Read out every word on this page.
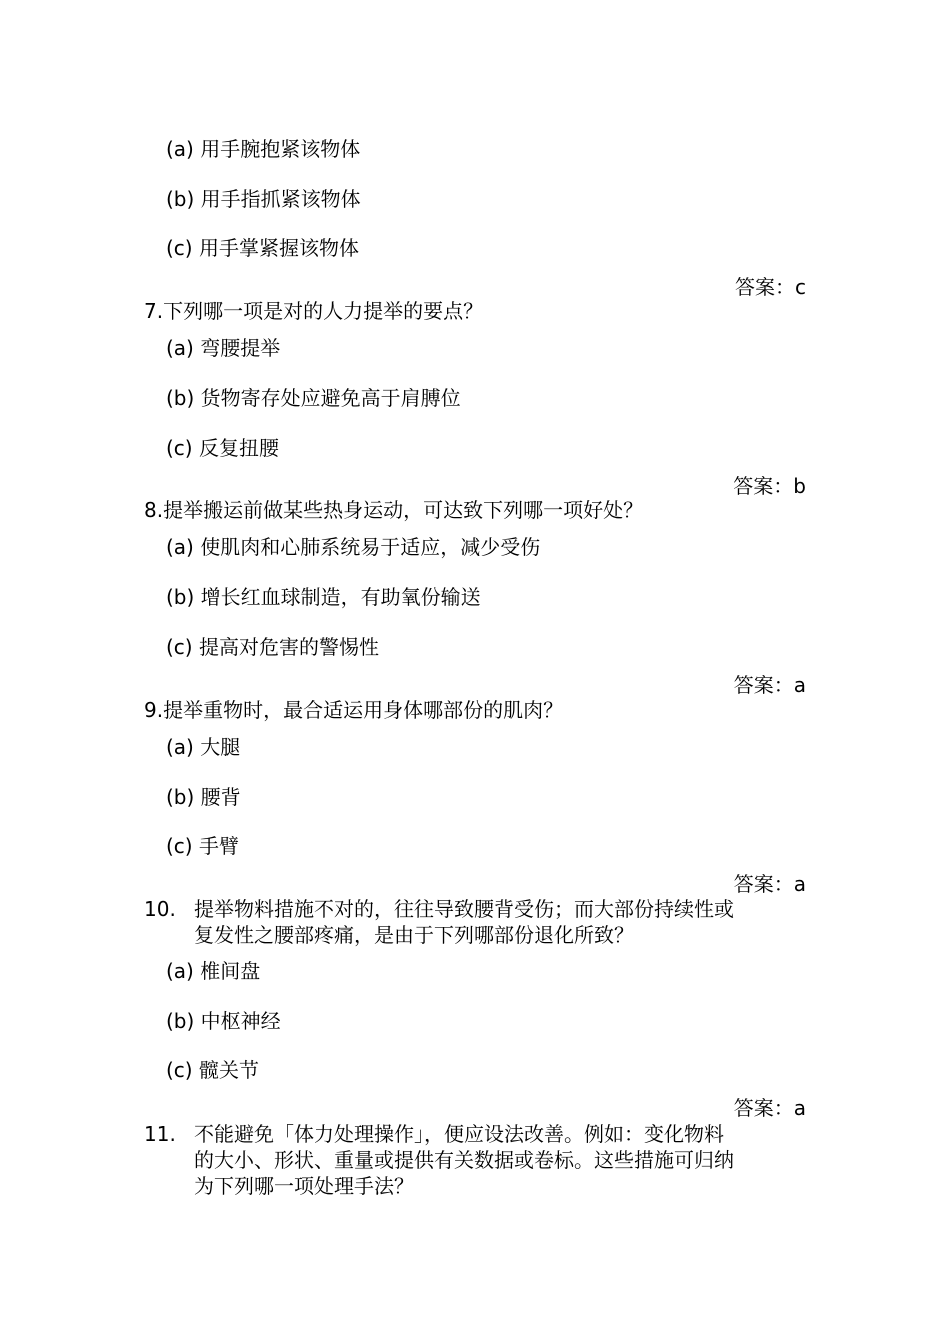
(a) 用手腕抱紧该物体
(b) 用手指抓紧该物体
(c) 用手掌紧握该物体
答案：c
7.下列哪一项是对的人力提举的要点？
(a) 弯腰提举
(b) 货物寄存处应避免高于肩膊位
(c) 反复扭腰
答案：b
8.提举搬运前做某些热身运动，可达致下列哪一项好处？
(a) 使肌肉和心肺系统易于适应，减少受伤
(b) 增长红血球制造，有助氧份输送
(c) 提高对危害的警惕性
答案：a
9.提举重物时，最合适运用身体哪部份的肌肉？
(a) 大腿
(b) 腰背
(c) 手臂
答案：a
10. 提举物料措施不对的，往往导致腰背受伤；而大部份持续性或
复发性之腰部疼痛，是由于下列哪部份退化所致？
(a) 椎间盘
(b) 中枢神经
(c) 髋关节
答案：a
11. 不能避免「体力处理操作」，便应设法改善。例如：变化物料
的大小、形状、重量或提供有关数据或卷标。这些措施可归纳
为下列哪一项处理手法？
